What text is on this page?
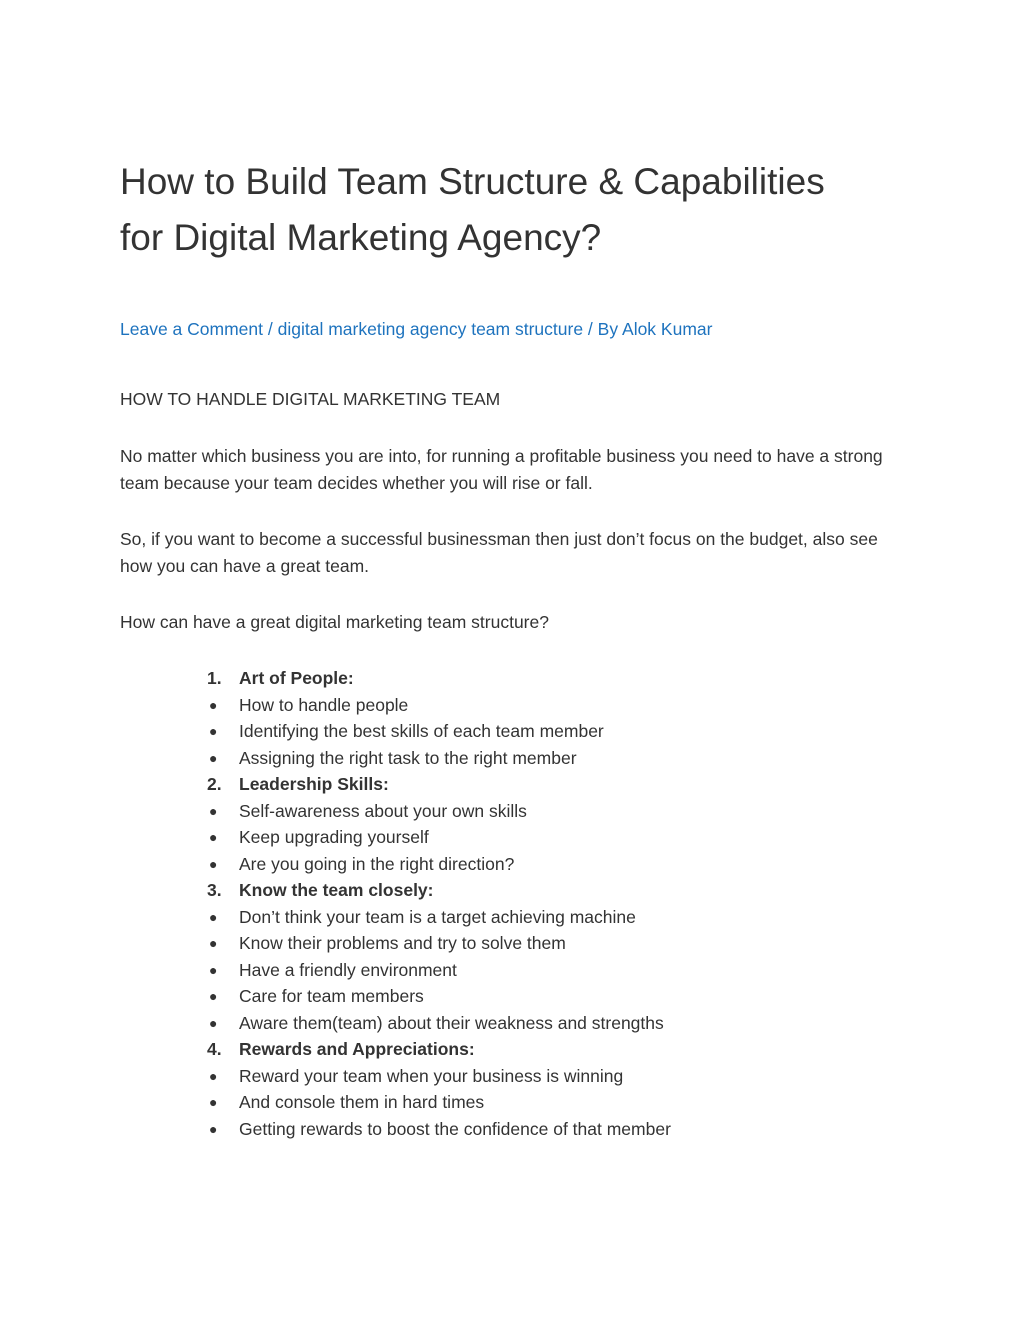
How to Build Team Structure & Capabilities
for Digital Marketing Agency?
Leave a Comment / digital marketing agency team structure / By Alok Kumar

HOW TO HANDLE DIGITAL MARKETING TEAM

No matter which business you are into, for running a profitable business you need to have a strong team because your team decides whether you will rise or fall.

So, if you want to become a successful businessman then just don’t focus on the budget, also see how you can have a great team.

How can have a great digital marketing team structure?

1. Art of People:
●	How to handle people
●	Identifying the best skills of each team member
●	Assigning the right task to the right member
2. Leadership Skills:
●	Self-awareness about your own skills
●	Keep upgrading yourself
●	Are you going in the right direction?
3. Know the team closely:
●	Don’t think your team is a target achieving machine
●	Know their problems and try to solve them
●	Have a friendly environment
●	Care for team members
●	Aware them(team) about their weakness and strengths
4. Rewards and Appreciations:
●	Reward your team when your business is winning
●	And console them in hard times
●	Getting rewards to boost the confidence of that member
